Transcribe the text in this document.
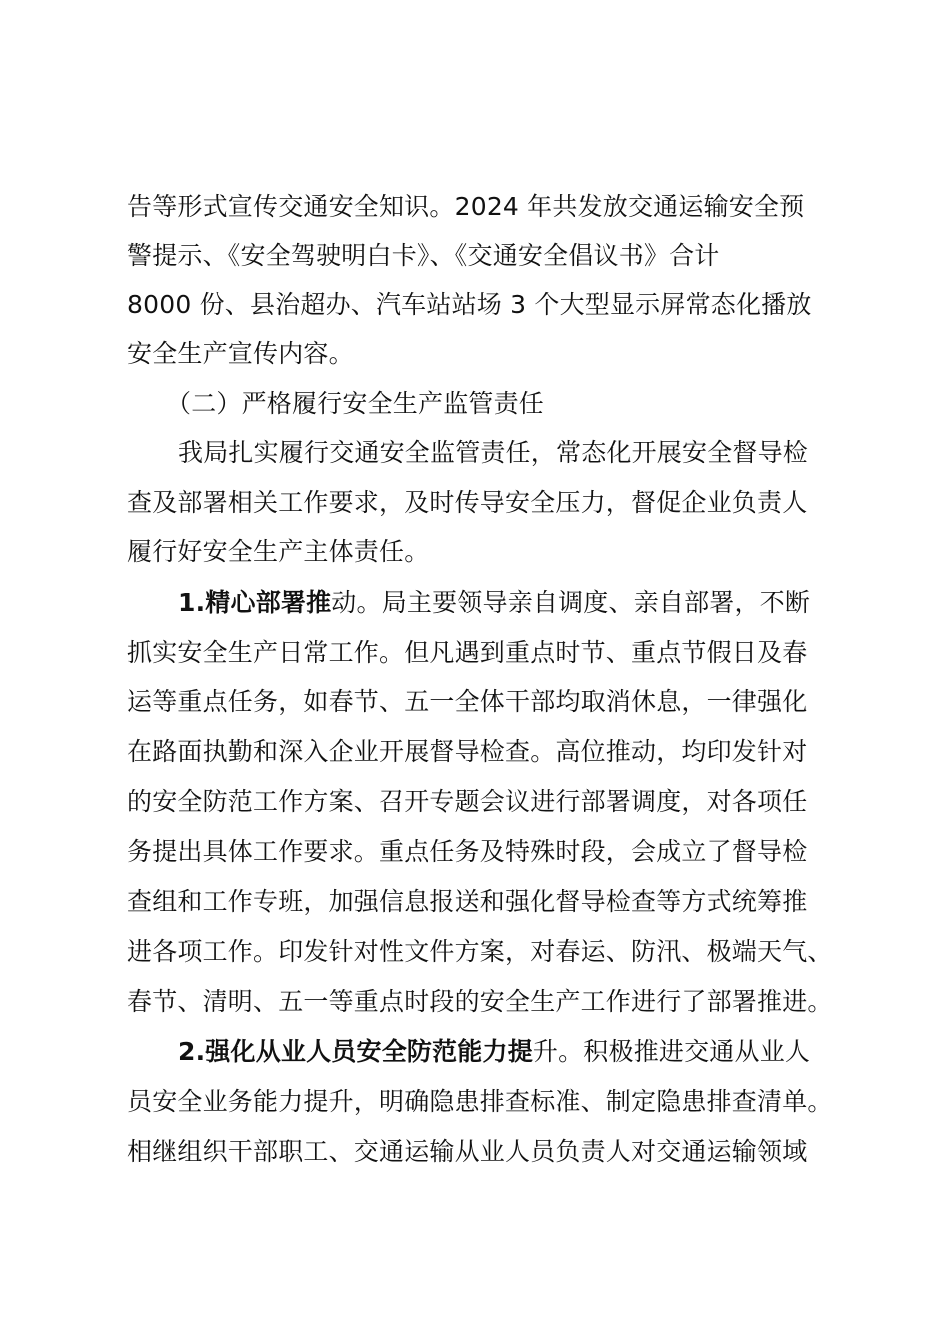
告等形式宣传交通安全知识。2024 年共发放交通运输安全预
警提示、《安全驾驶明白卡》、《交通安全倡议书》合计
8000 份、县治超办、汽车站站场 3 个大型显示屏常态化播放
安全生产宣传内容。
（二）严格履行安全生产监管责任
我局扎实履行交通安全监管责任，常态化开展安全督导检
查及部署相关工作要求，及时传导安全压力，督促企业负责人
履行好安全生产主体责任。
1.精心部署推动。局主要领导亲自调度、亲自部署，不断
抓实安全生产日常工作。但凡遇到重点时节、重点节假日及春
运等重点任务，如春节、五一全体干部均取消休息，一律强化
在路面执勤和深入企业开展督导检查。高位推动，均印发针对
的安全防范工作方案、召开专题会议进行部署调度，对各项任
务提出具体工作要求。重点任务及特殊时段，会成立了督导检
查组和工作专班，加强信息报送和强化督导检查等方式统筹推
进各项工作。印发针对性文件方案，对春运、防汛、极端天气、
春节、清明、五一等重点时段的安全生产工作进行了部署推进。
2.强化从业人员安全防范能力提升。积极推进交通从业人
员安全业务能力提升，明确隐患排查标准、制定隐患排查清单。
相继组织干部职工、交通运输从业人员负责人对交通运输领域
